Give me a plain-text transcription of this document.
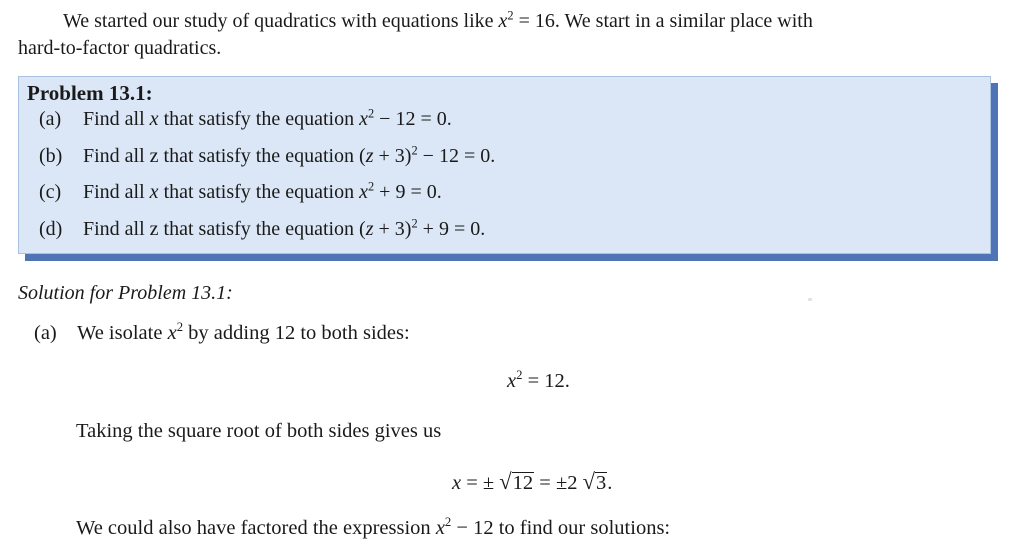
We started our study of quadratics with equations like $x^2 = 16$. We start in a similar place with
hard-to-factor quadratics.
Problem 13.1:
(a) Find all x that satisfy the equation $x^2 - 12 = 0$.
(b) Find all z that satisfy the equation $(z + 3)^2 - 12 = 0$.
(c) Find all x that satisfy the equation $x^2 + 9 = 0$.
(d) Find all z that satisfy the equation $(z + 3)^2 + 9 = 0$.
Solution for Problem 13.1:
(a) We isolate $x^2$ by adding 12 to both sides:
$x^2 = 12$.
Taking the square root of both sides gives us
x = ± √12 = ±2 √3.
We could also have factored the expression $x^2 - 12$ to find our solutions:
